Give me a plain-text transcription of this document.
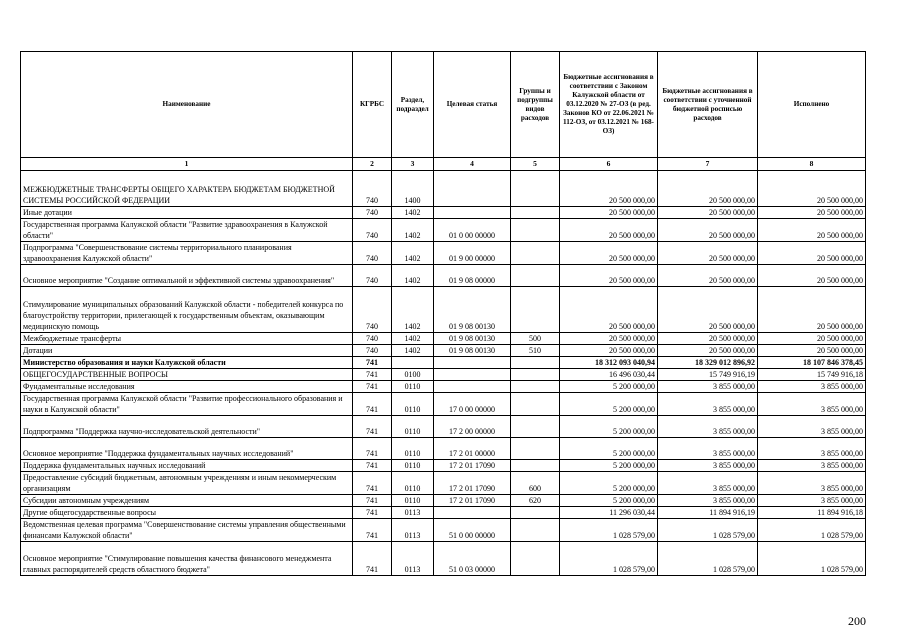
Наименование	КГРБС	Раздел, подраздел	Целевая статья	Группы и подгруппы видов расходов	Бюджетные ассигнования в соответствии с Законом Калужской области от 03.12.2020 № 27-ОЗ (в ред. Законов КО от 22.06.2021 № 112-ОЗ, от 03.12.2021 № 168-ОЗ)	Бюджетные ассигнования в соответствии с уточненной бюджетной росписью расходов	Исполнено
1	2	3	4	5	6	7	8
МЕЖБЮДЖЕТНЫЕ ТРАНСФЕРТЫ ОБЩЕГО ХАРАКТЕРА БЮДЖЕТАМ БЮДЖЕТНОЙ СИСТЕМЫ РОССИЙСКОЙ ФЕДЕРАЦИИ	740	1400			20 500 000,00	20 500 000,00	20 500 000,00
Иные дотации	740	1402			20 500 000,00	20 500 000,00	20 500 000,00
Государственная программа Калужской области "Развитие здравоохранения в Калужской области"	740	1402	01 0 00 00000		20 500 000,00	20 500 000,00	20 500 000,00
Подпрограмма "Совершенствование системы территориального планирования здравоохранения Калужской области"	740	1402	01 9 00 00000		20 500 000,00	20 500 000,00	20 500 000,00
Основное мероприятие "Создание оптимальной и эффективной системы здравоохранения"	740	1402	01 9 08 00000		20 500 000,00	20 500 000,00	20 500 000,00
Стимулирование муниципальных образований Калужской области - победителей конкурса по благоустройству территории, прилегающей к государственным объектам, оказывающим медицинскую помощь	740	1402	01 9 08 00130		20 500 000,00	20 500 000,00	20 500 000,00
Межбюджетные трансферты	740	1402	01 9 08 00130	500	20 500 000,00	20 500 000,00	20 500 000,00
Дотации	740	1402	01 9 08 00130	510	20 500 000,00	20 500 000,00	20 500 000,00
Министерство образования и науки Калужской области	741				18 312 093 040,94	18 329 012 896,92	18 107 846 378,45
ОБЩЕГОСУДАРСТВЕННЫЕ ВОПРОСЫ	741	0100			16 496 030,44	15 749 916,19	15 749 916,18
Фундаментальные исследования	741	0110			5 200 000,00	3 855 000,00	3 855 000,00
Государственная программа Калужской области "Развитие профессионального образования и науки в Калужской области"	741	0110	17 0 00 00000		5 200 000,00	3 855 000,00	3 855 000,00
Подпрограмма "Поддержка научно-исследовательской деятельности"	741	0110	17 2 00 00000		5 200 000,00	3 855 000,00	3 855 000,00
Основное мероприятие "Поддержка фундаментальных научных исследований"	741	0110	17 2 01 00000		5 200 000,00	3 855 000,00	3 855 000,00
Поддержка фундаментальных научных исследований	741	0110	17 2 01 17090		5 200 000,00	3 855 000,00	3 855 000,00
Предоставление субсидий бюджетным, автономным учреждениям и иным некоммерческим организациям	741	0110	17 2 01 17090	600	5 200 000,00	3 855 000,00	3 855 000,00
Субсидии автономным учреждениям	741	0110	17 2 01 17090	620	5 200 000,00	3 855 000,00	3 855 000,00
Другие общегосударственные вопросы	741	0113			11 296 030,44	11 894 916,19	11 894 916,18
Ведомственная целевая программа "Совершенствование системы управления общественными финансами Калужской области"	741	0113	51 0 00 00000		1 028 579,00	1 028 579,00	1 028 579,00
Основное мероприятие "Стимулирование повышения качества финансового менеджмента главных распорядителей средств областного бюджета"	741	0113	51 0 03 00000		1 028 579,00	1 028 579,00	1 028 579,00
200
